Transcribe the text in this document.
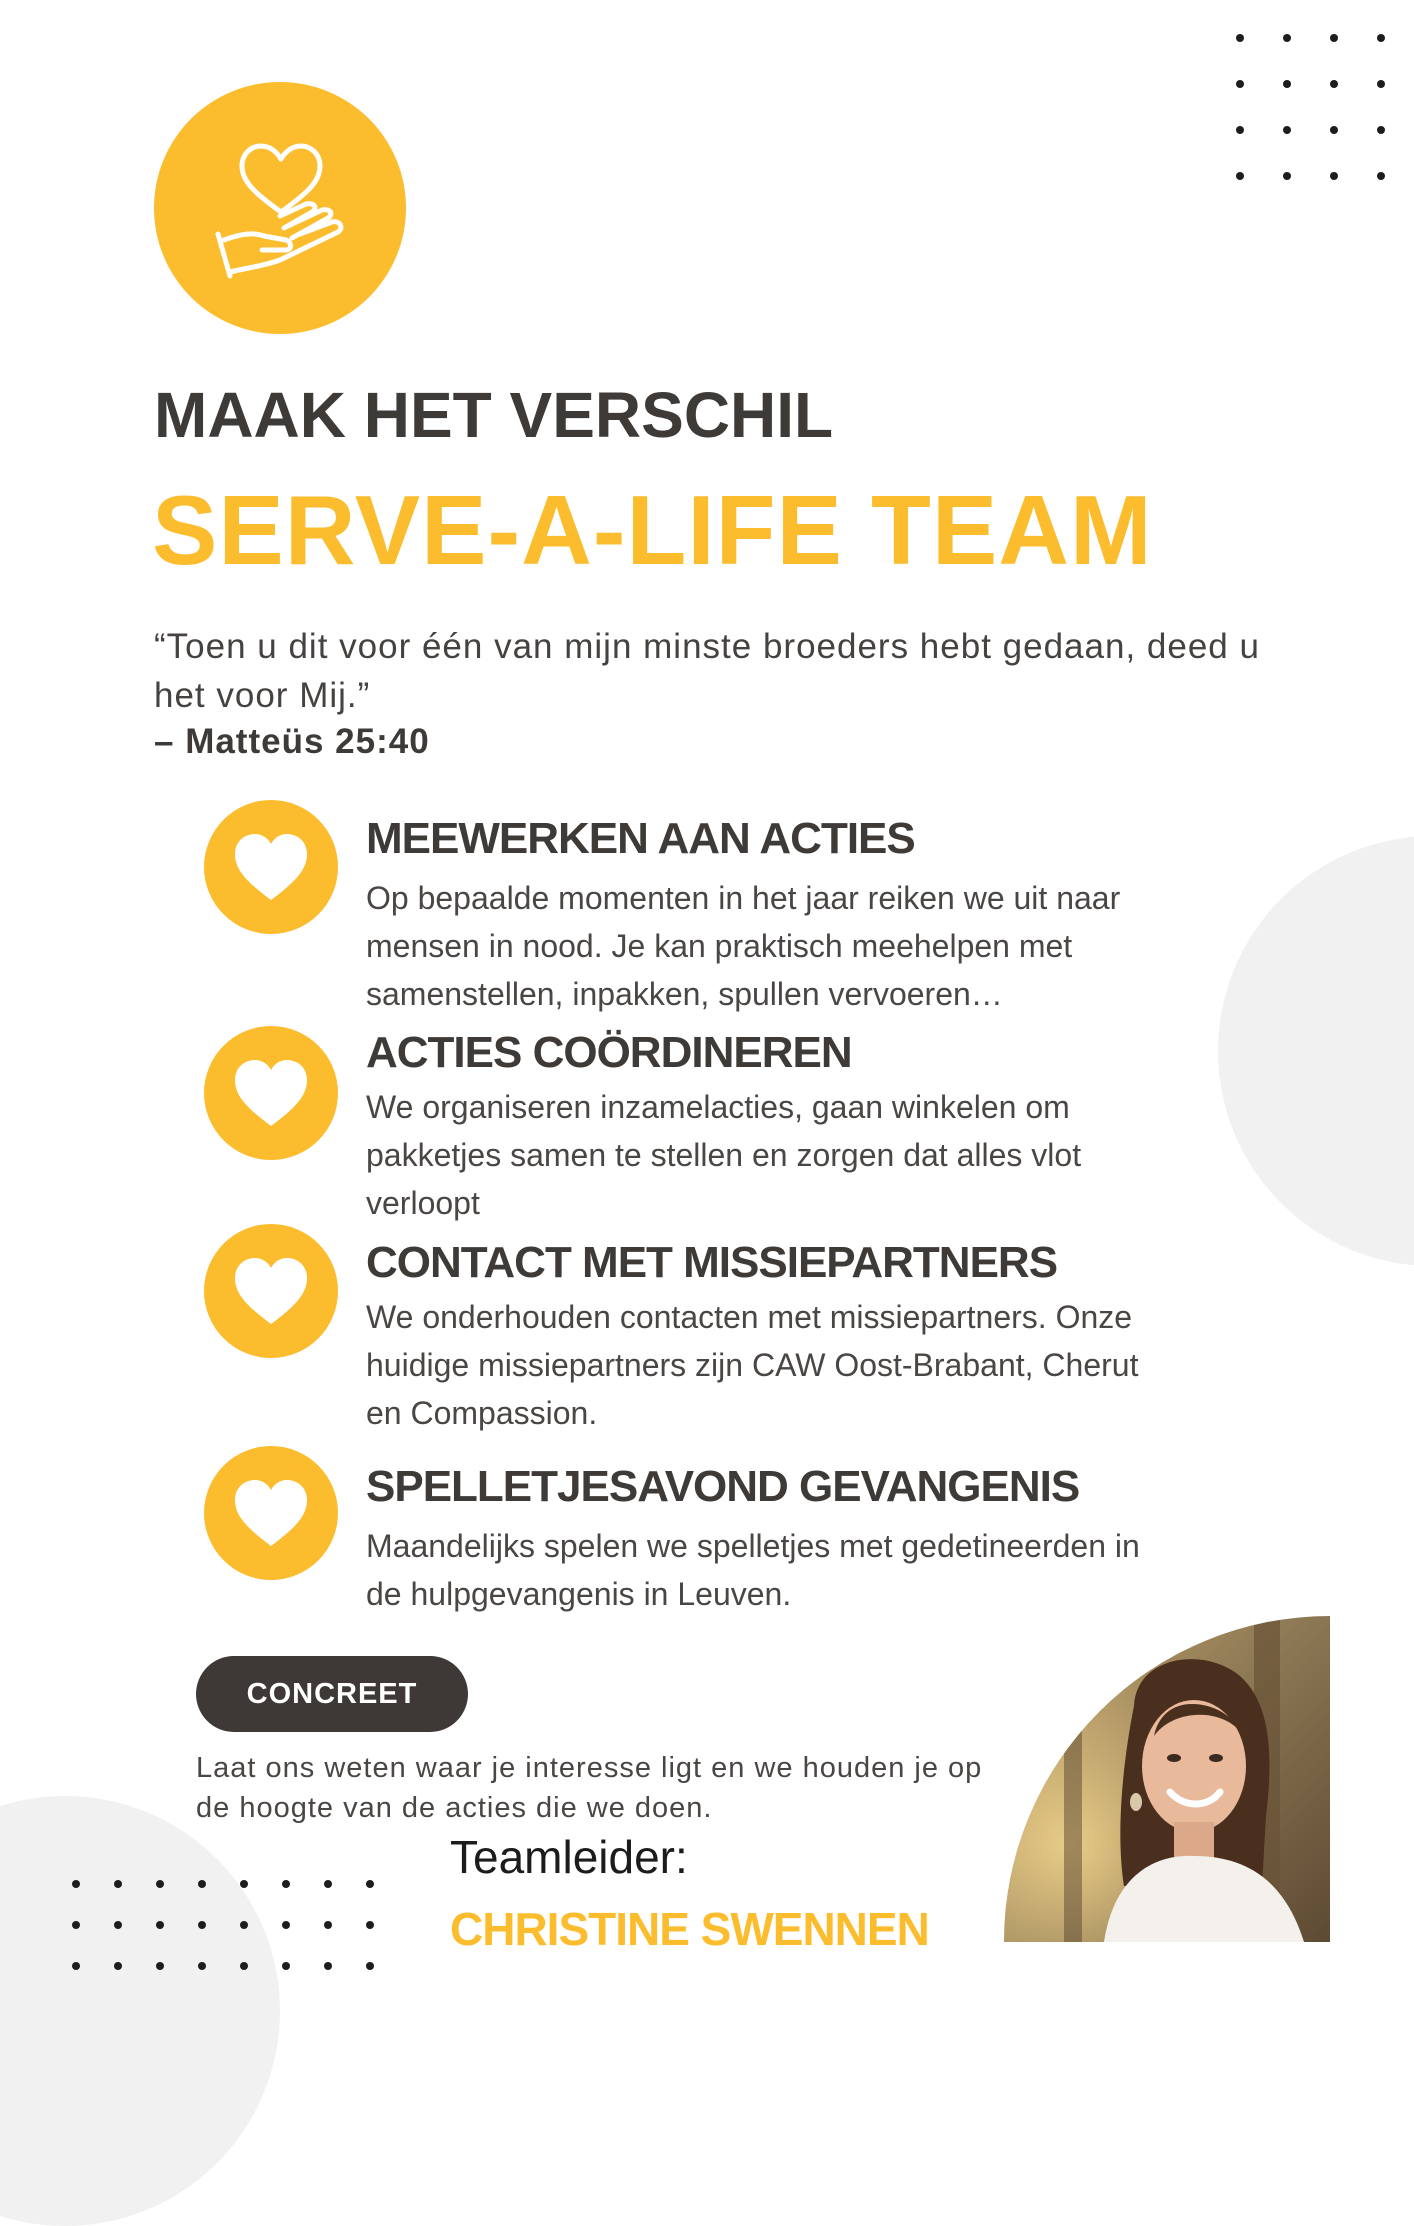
MAAK HET VERSCHIL
SERVE-A-LIFE TEAM
“Toen u dit voor één van mijn minste broeders hebt gedaan, deed u het voor Mij.”
– Matteüs 25:40
MEEWERKEN AAN ACTIES
Op bepaalde momenten in het jaar reiken we uit naar mensen in nood. Je kan praktisch meehelpen met samenstellen, inpakken, spullen vervoeren…
ACTIES COÖRDINEREN
We organiseren inzamelacties, gaan winkelen om pakketjes samen te stellen en zorgen dat alles vlot verloopt
CONTACT MET MISSIEPARTNERS
We onderhouden contacten met missiepartners. Onze huidige missiepartners zijn CAW Oost-Brabant, Cherut en Compassion.
SPELLETJESAVOND GEVANGENIS
Maandelijks spelen we spelletjes met gedetineerden in de hulpgevangenis in Leuven.
CONCREET
Laat ons weten waar je interesse ligt en we houden je op de hoogte van de acties die we doen.
Teamleider:
CHRISTINE SWENNEN
